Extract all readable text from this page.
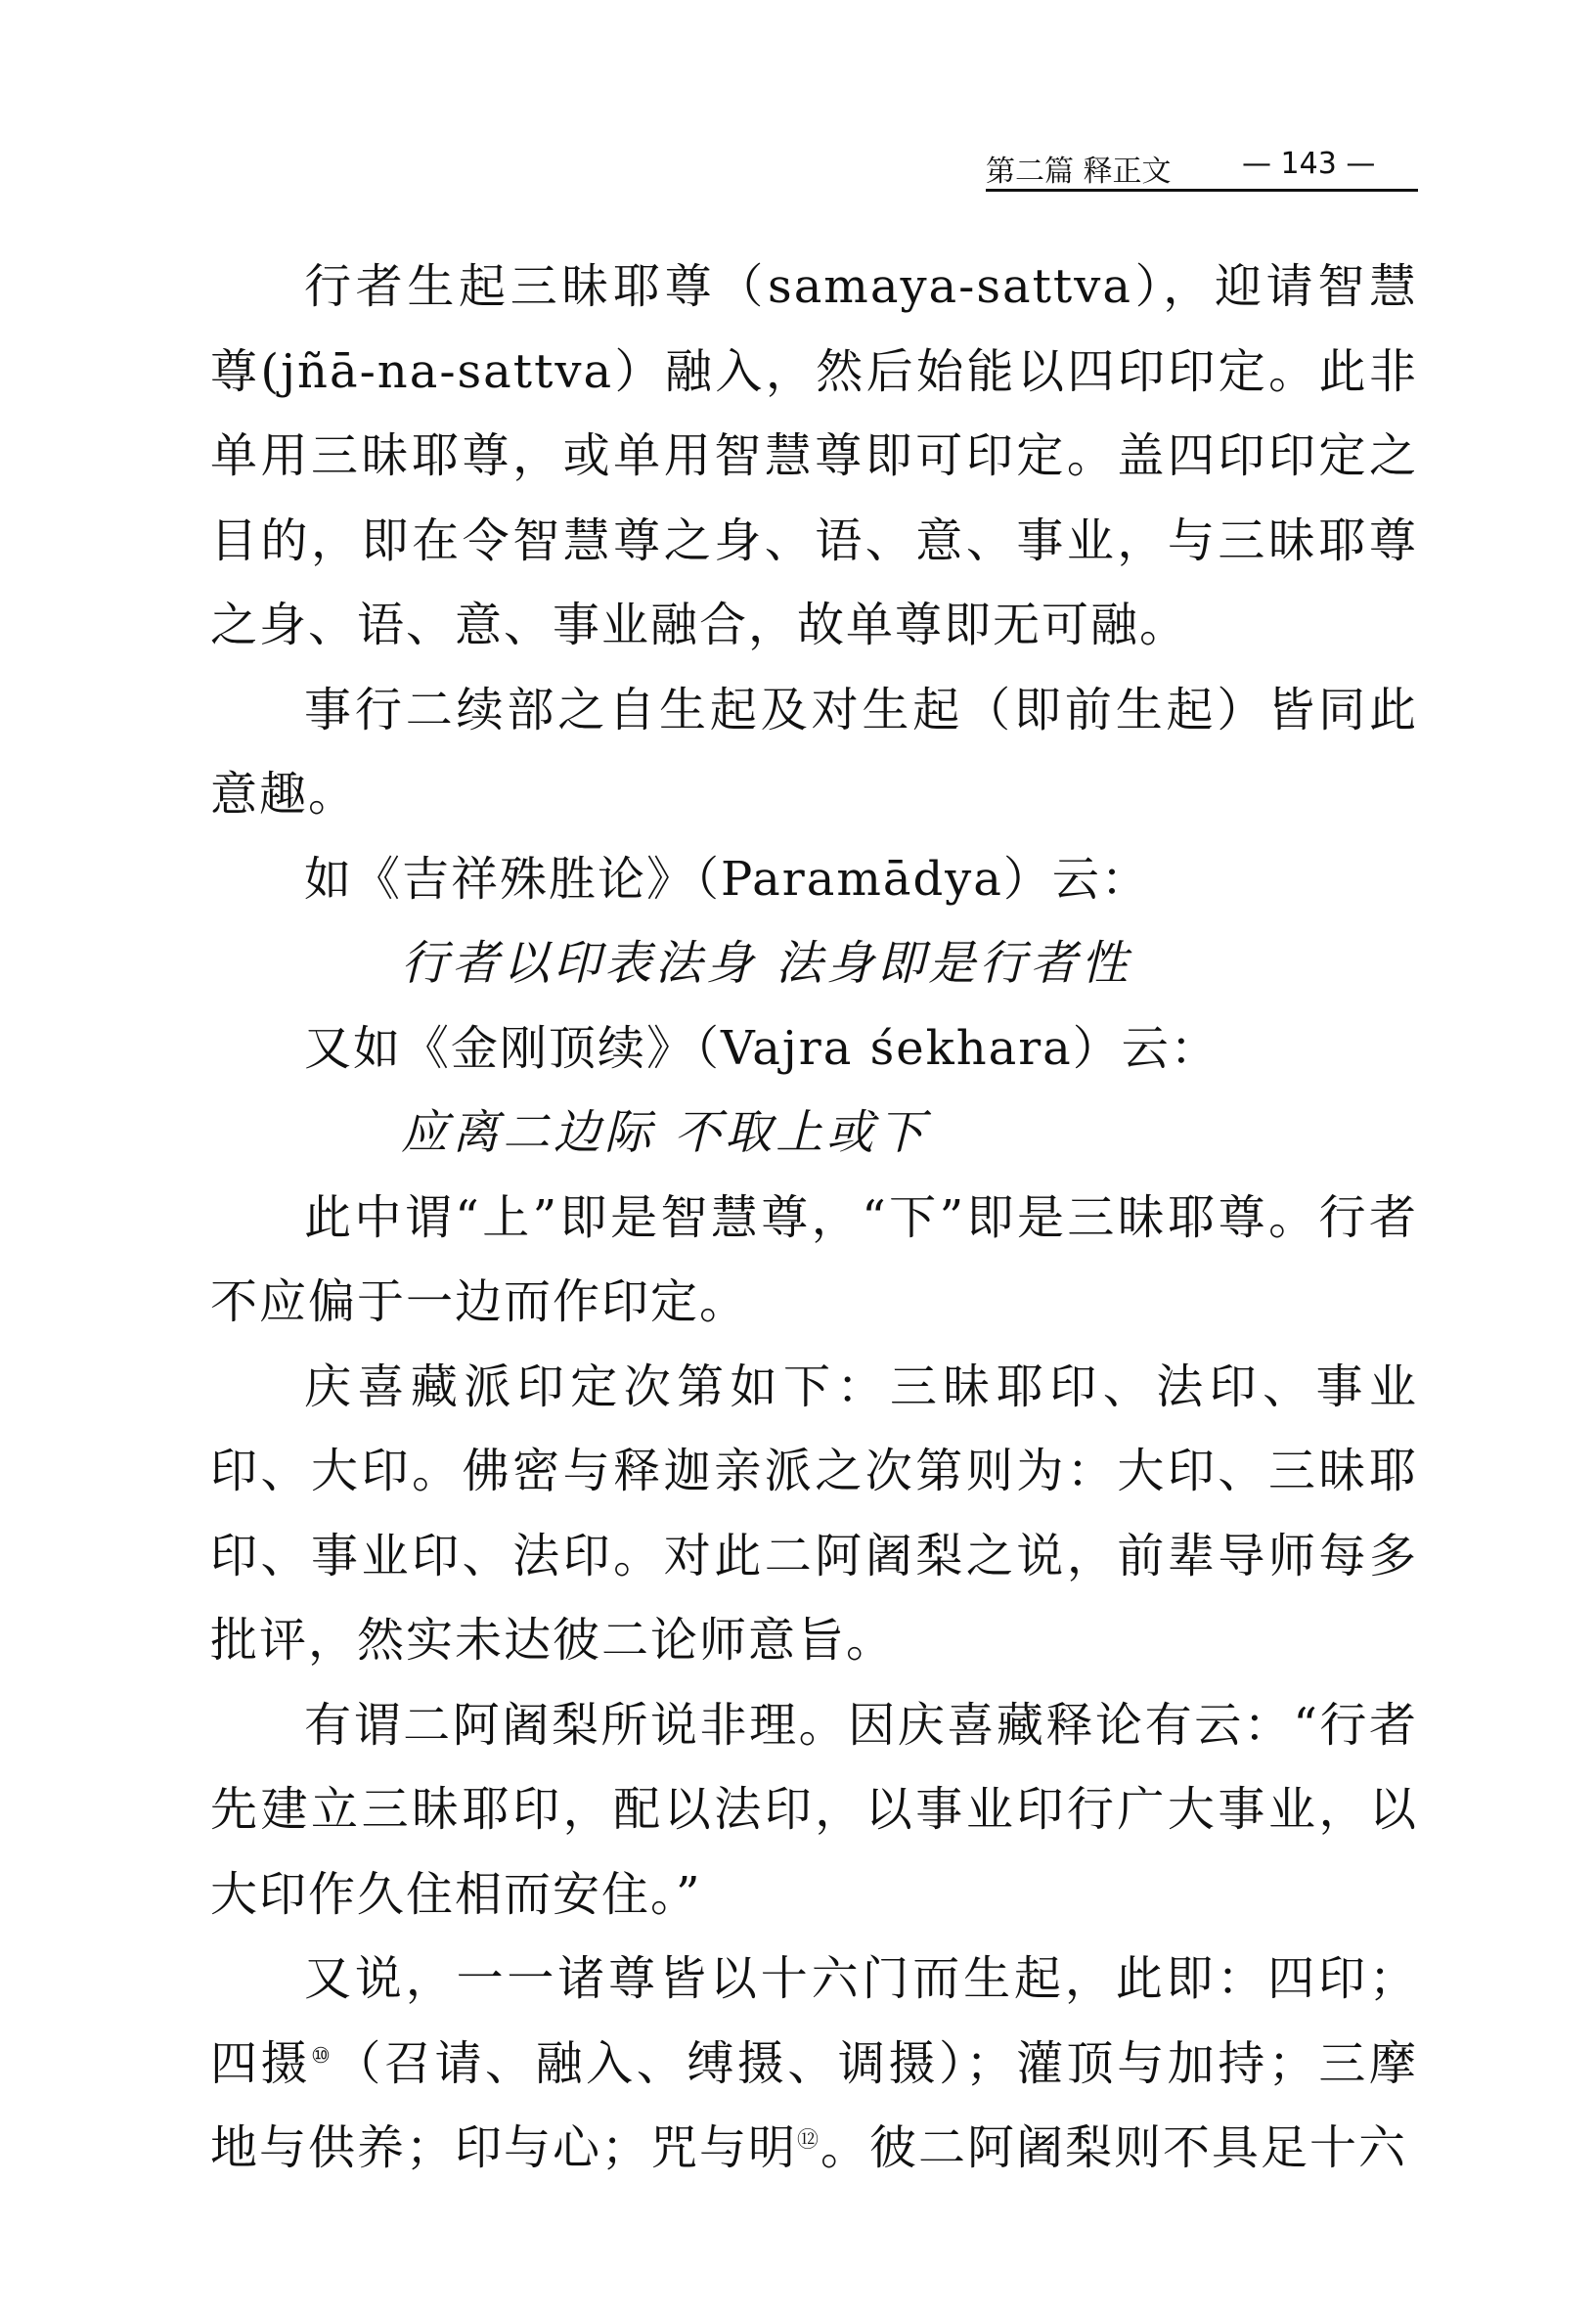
第二篇 释正文 — 143 —

行者生起三昧耶尊（samaya-sattva），迎请智慧尊(jñā-na-sattva）融入，然后始能以四印印定。此非单用三昧耶尊，或单用智慧尊即可印定。盖四印印定之目的，即在令智慧尊之身、语、意、事业，与三昧耶尊之身、语、意、事业融合，故单尊即无可融。

事行二续部之自生起及对生起（即前生起）皆同此意趣。

如《吉祥殊胜论》（Paramādya）云：

行者以印表法身 法身即是行者性

又如《金刚顶续》（Vajra śekhara）云：

应离二边际 不取上或下

此中谓“上”即是智慧尊，“下”即是三昧耶尊。行者不应偏于一边而作印定。

庆喜藏派印定次第如下：三昧耶印、法印、事业印、大印。佛密与释迦亲派之次第则为：大印、三昧耶印、事业印、法印。对此二阿阇梨之说，前辈导师每多批评，然实未达彼二论师意旨。

有谓二阿阇梨所说非理。因庆喜藏释论有云：“行者先建立三昧耶印，配以法印，以事业印行广大事业，以大印作久住相而安住。”

又说，一一诸尊皆以十六门而生起，此即：四印；四摄⑩（召请、融入、缚摄、调摄）；灌顶与加持；三摩地与供养；印与心；咒与明⑫。彼二阿阇梨则不具足十六
